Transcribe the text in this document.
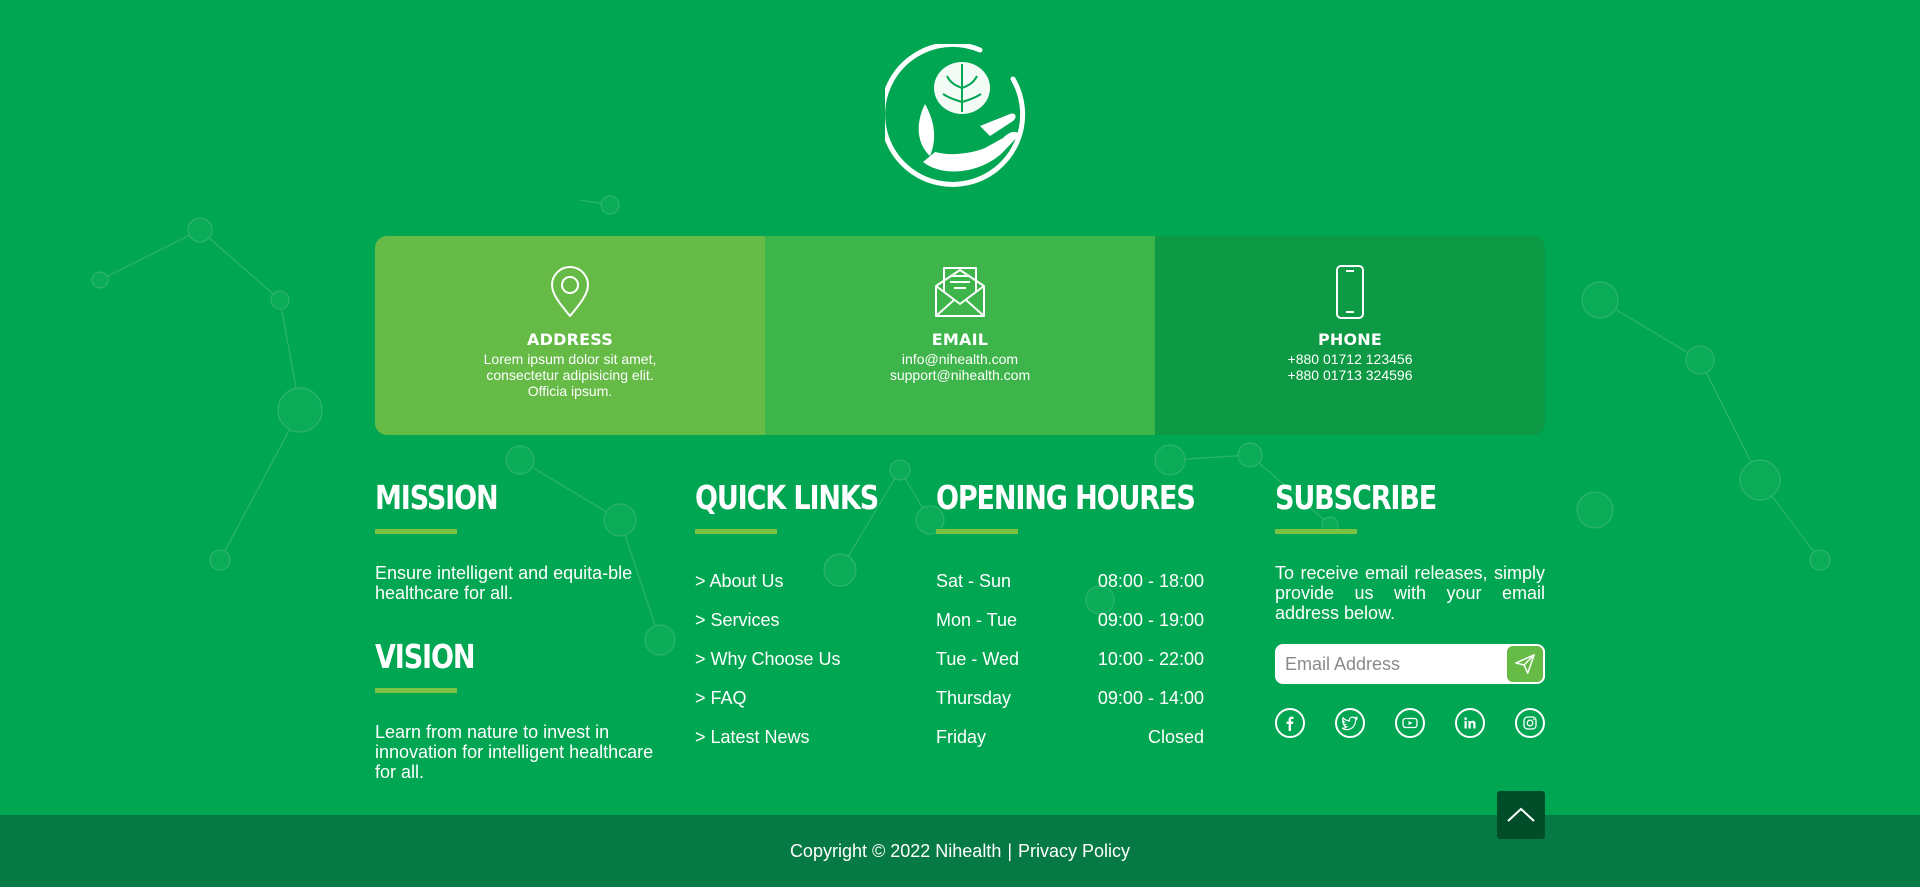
ADDRESS
Lorem ipsum dolor sit amet,
consectetur adipisicing elit.
Officia ipsum.
EMAIL
info@nihealth.com
support@nihealth.com
PHONE
+880 01712 123456
+880 01713 324596
MISSION
Ensure intelligent and equita-ble healthcare for all.
VISION
Learn from nature to invest in innovation for intelligent healthcare for all.
QUICK LINKS
> About Us
> Services
> Why Choose Us
> FAQ
> Latest News
OPENING HOURES
Sat - Sun	08:00 - 18:00
Mon - Tue	09:00 - 19:00
Tue - Wed	10:00 - 22:00
Thursday	09:00 - 14:00
Friday	Closed
SUBSCRIBE
To receive email releases, simply provide us with your email address below.
Email Address
Copyright © 2022 Nihealth | Privacy Policy
